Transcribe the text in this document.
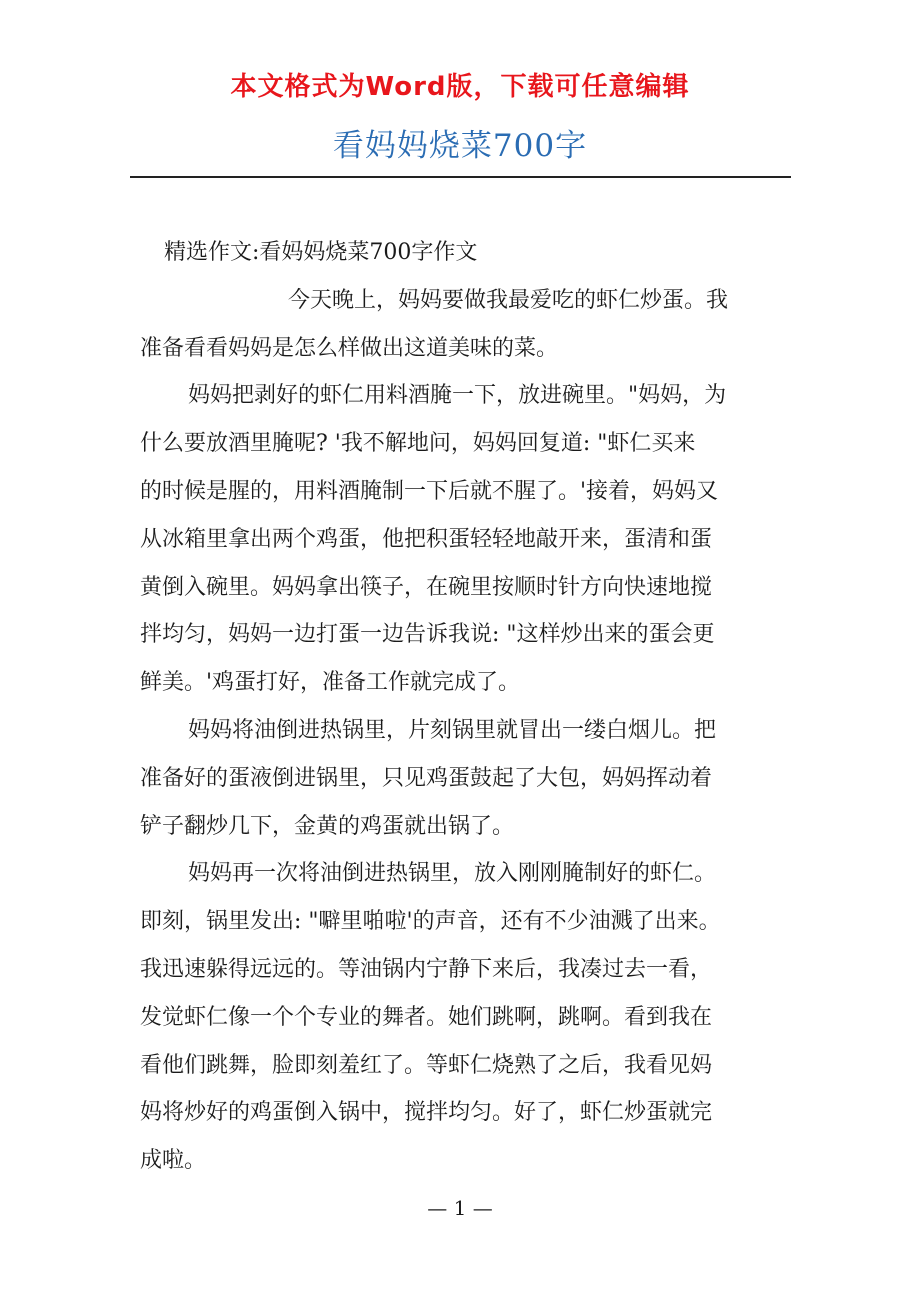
本文格式为Word版，下载可任意编辑
看妈妈烧菜700字
精选作文:看妈妈烧菜700字作文
今天晚上，妈妈要做我最爱吃的虾仁炒蛋。我
准备看看妈妈是怎么样做出这道美味的菜。
妈妈把剥好的虾仁用料酒腌一下，放进碗里。"妈妈，为
什么要放酒里腌呢? '我不解地问，妈妈回复道: "虾仁买来
的时候是腥的，用料酒腌制一下后就不腥了。'接着，妈妈又
从冰箱里拿出两个鸡蛋，他把积蛋轻轻地敲开来，蛋清和蛋
黄倒入碗里。妈妈拿出筷子，在碗里按顺时针方向快速地搅
拌均匀，妈妈一边打蛋一边告诉我说: "这样炒出来的蛋会更
鲜美。'鸡蛋打好，准备工作就完成了。
妈妈将油倒进热锅里，片刻锅里就冒出一缕白烟儿。把
准备好的蛋液倒进锅里，只见鸡蛋鼓起了大包，妈妈挥动着
铲子翻炒几下，金黄的鸡蛋就出锅了。
妈妈再一次将油倒进热锅里，放入刚刚腌制好的虾仁。
即刻，锅里发出: "噼里啪啦'的声音，还有不少油溅了出来。
我迅速躲得远远的。等油锅内宁静下来后，我凑过去一看，
发觉虾仁像一个个专业的舞者。她们跳啊，跳啊。看到我在
看他们跳舞，脸即刻羞红了。等虾仁烧熟了之后，我看见妈
妈将炒好的鸡蛋倒入锅中，搅拌均匀。好了，虾仁炒蛋就完
成啦。
— 1 —
